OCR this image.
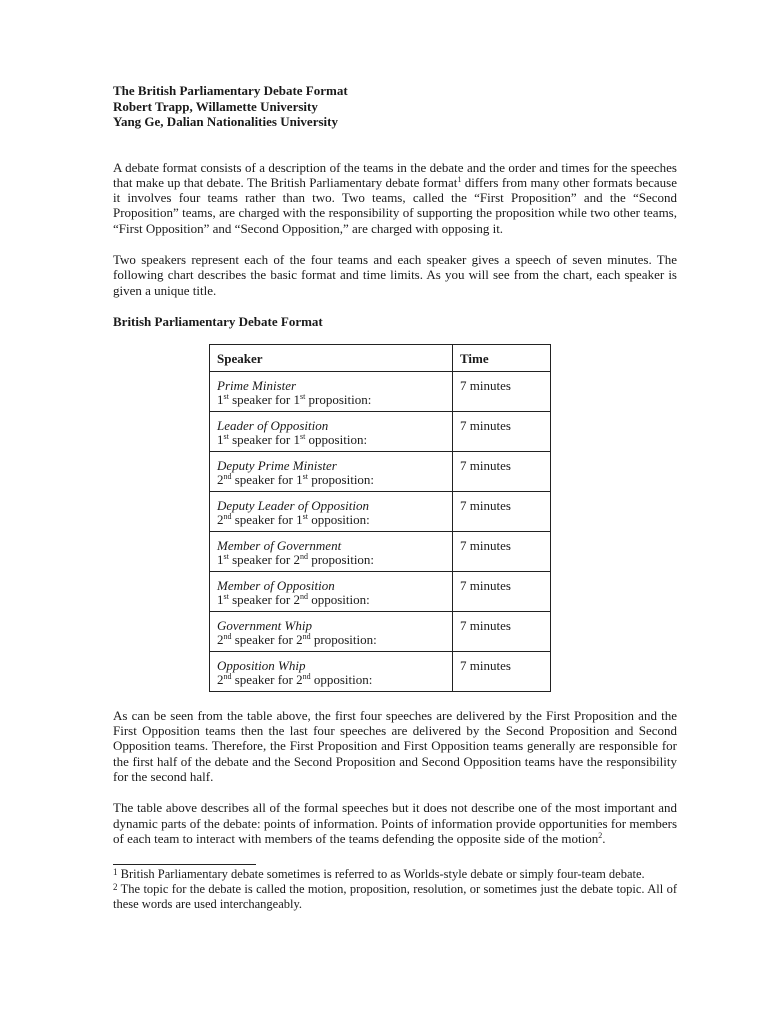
The British Parliamentary Debate Format

Robert Trapp, Willamette University

Yang Ge, Dalian Nationalities University

A debate format consists of a description of the teams in the debate and the order and times for the speeches that make up that debate. The British Parliamentary debate format$^1$ differs from many other formats because it involves four teams rather than two. Two teams, called the “First Proposition” and the “Second Proposition” teams, are charged with the responsibility of supporting the proposition while two other teams, “First Opposition” and “Second Opposition,” are charged with opposing it.

Two speakers represent each of the four teams and each speaker gives a speech of seven minutes. The following chart describes the basic format and time limits. As you will see from the chart, each speaker is given a unique title.

British Parliamentary Debate Format

Speaker	Time

Prime Minister
1st speaker for 1st proposition:	7 minutes

Leader of Opposition
1st speaker for 1st opposition:	7 minutes

Deputy Prime Minister
2nd speaker for 1st proposition:	7 minutes

Deputy Leader of Opposition
2nd speaker for 1st opposition:	7 minutes

Member of Government
1st speaker for 2nd proposition:	7 minutes

Member of Opposition
1st speaker for 2nd opposition:	7 minutes

Government Whip
2nd speaker for 2nd proposition:	7 minutes

Opposition Whip
2nd speaker for 2nd opposition:	7 minutes

As can be seen from the table above, the first four speeches are delivered by the First Proposition and the First Opposition teams then the last four speeches are delivered by the Second Proposition and Second Opposition teams. Therefore, the First Proposition and First Opposition teams generally are responsible for the first half of the debate and the Second Proposition and Second Opposition teams have the responsibility for the second half.

The table above describes all of the formal speeches but it does not describe one of the most important and dynamic parts of the debate: points of information. Points of information provide opportunities for members of each team to interact with members of the teams defending the opposite side of the motion$^2$.

$^1$ British Parliamentary debate sometimes is referred to as Worlds-style debate or simply four-team debate.

$^2$ The topic for the debate is called the motion, proposition, resolution, or sometimes just the debate topic. All of these words are used interchangeably.
